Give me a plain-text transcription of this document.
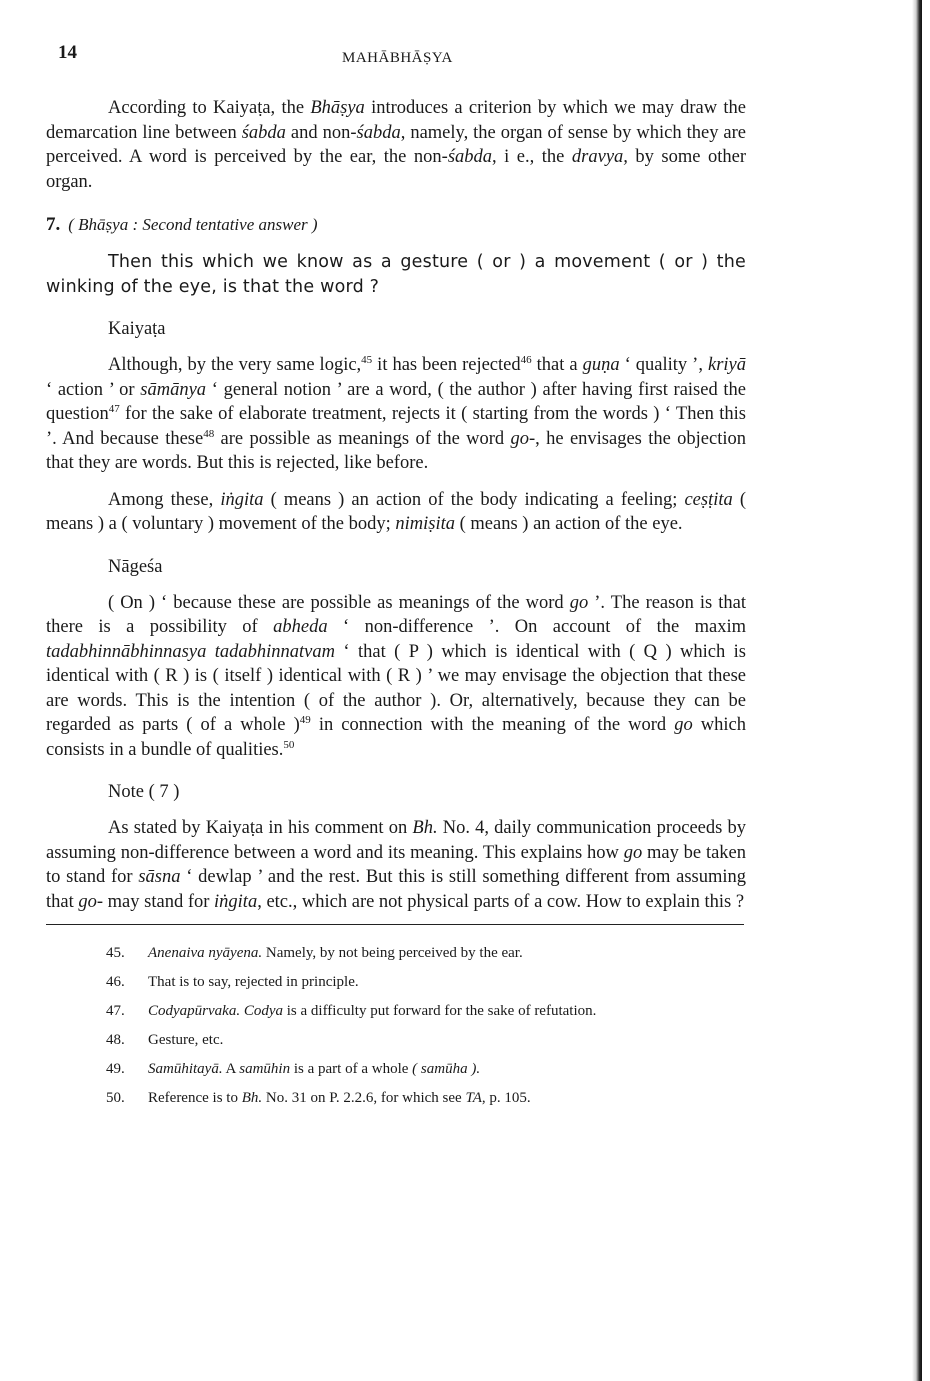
14	MAHĀBHĀṢYA

According to Kaiyaṭa, the Bhāṣya introduces a criterion by which we may draw the demarcation line between śabda and non-śabda, namely, the organ of sense by which they are perceived. A word is perceived by the ear, the non-śabda, i e., the dravya, by some other organ.

7. ( Bhāṣya : Second tentative answer )

Then this which we know as a gesture ( or ) a movement ( or ) the winking of the eye, is that the word ?

Kaiyaṭa

Although, by the very same logic,$^{45}$ it has been rejected$^{46}$ that a guṇa ‘ quality ’, kriyā ‘ action ’ or sāmānya ‘ general notion ’ are a word, ( the author ) after having first raised the question$^{47}$ for the sake of elaborate treatment, rejects it ( starting from the words ) ‘ Then this ’. And because these$^{48}$ are possible as meanings of the word go-, he envisages the objection that they are words. But this is rejected, like before.

Among these, iṅgita ( means ) an action of the body indicating a feeling; ceṣṭita ( means ) a ( voluntary ) movement of the body; nimiṣita ( means ) an action of the eye.

Nāgeśa

( On ) ‘ because these are possible as meanings of the word go ’. The reason is that there is a possibility of abheda ‘ non-difference ’. On account of the maxim tadabhinnābhinnasya tadabhinnatvam ‘ that ( P ) which is identical with ( Q ) which is identical with ( R ) is ( itself ) identical with ( R ) ’ we may envisage the objection that these are words. This is the intention ( of the author ). Or, alternatively, because they can be regarded as parts ( of a whole )$^{49}$ in connection with the meaning of the word go which consists in a bundle of qualities.$^{50}$

Note ( 7 )

As stated by Kaiyaṭa in his comment on Bh. No. 4, daily communication proceeds by assuming non-difference between a word and its meaning. This explains how go may be taken to stand for sāsna ‘ dewlap ’ and the rest. But this is still something different from assuming that go- may stand for iṅgita, etc., which are not physical parts of a cow. How to explain this ?

45. Anenaiva nyāyena. Namely, by not being perceived by the ear.
46. That is to say, rejected in principle.
47. Codyapūrvaka. Codya is a difficulty put forward for the sake of refutation.
48. Gesture, etc.
49. Samūhitayā. A samūhin is a part of a whole ( samūha ).
50. Reference is to Bh. No. 31 on P. 2.2.6, for which see TA, p. 105.
